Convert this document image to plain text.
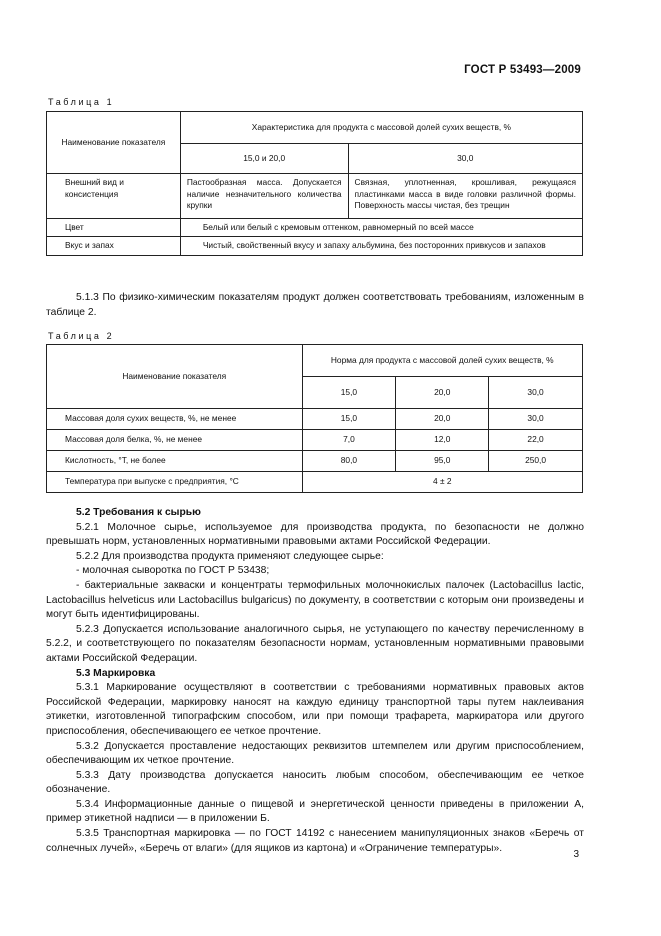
ГОСТ Р 53493—2009
Таблица 1
Наименование показателя	Характеристика для продукта с массовой долей сухих веществ, %	
	15,0 и 20,0	30,0
Внешний вид и консистенция	Пастообразная масса. Допускается наличие незначительного количества крупки	Связная, уплотненная, крошливая, режущаяся пластинками масса в виде головки различной формы. Поверхность массы чистая, без трещин
Цвет	Белый или белый с кремовым оттенком, равномерный по всей массе	
Вкус и запах	Чистый, свойственный вкусу и запаху альбумина, без посторонних привкусов и запахов	

5.1.3 По физико-химическим показателям продукт должен соответствовать требованиям, изложенным в таблице 2.

Таблица 2
Наименование показателя	Норма для продукта с массовой долей сухих веществ, %		
	15,0	20,0	30,0
Массовая доля сухих веществ, %, не менее	15,0	20,0	30,0
Массовая доля белка, %, не менее	7,0	12,0	22,0
Кислотность, °Т, не более	80,0	95,0	250,0
Температура при выпуске с предприятия, °С	4 ± 2		

5.2 Требования к сырью

5.2.1 Молочное сырье, используемое для производства продукта, по безопасности не должно превышать норм, установленных нормативными правовыми актами Российской Федерации.

5.2.2 Для производства продукта применяют следующее сырье:

- молочная сыворотка по ГОСТ Р 53438;

- бактериальные закваски и концентраты термофильных молочнокислых палочек (Lactobacillus lactic, Lactobacillus helveticus или Lactobacillus bulgaricus) по документу, в соответствии с которым они произведены и могут быть идентифицированы.

5.2.3 Допускается использование аналогичного сырья, не уступающего по качеству перечисленному в 5.2.2, и соответствующего по показателям безопасности нормам, установленным нормативными правовыми актами Российской Федерации.

5.3 Маркировка

5.3.1 Маркирование осуществляют в соответствии с требованиями нормативных правовых актов Российской Федерации, маркировку наносят на каждую единицу транспортной тары путем наклеивания этикетки, изготовленной типографским способом, или при помощи трафарета, маркиратора или другого приспособления, обеспечивающего ее четкое прочтение.

5.3.2 Допускается проставление недостающих реквизитов штемпелем или другим приспособлением, обеспечивающим их четкое прочтение.

5.3.3 Дату производства допускается наносить любым способом, обеспечивающим ее четкое обозначение.

5.3.4 Информационные данные о пищевой и энергетической ценности приведены в приложении А, пример этикетной надписи — в приложении Б.

5.3.5 Транспортная маркировка — по ГОСТ 14192 с нанесением манипуляционных знаков «Беречь от солнечных лучей», «Беречь от влаги» (для ящиков из картона) и «Ограничение температуры».

3
